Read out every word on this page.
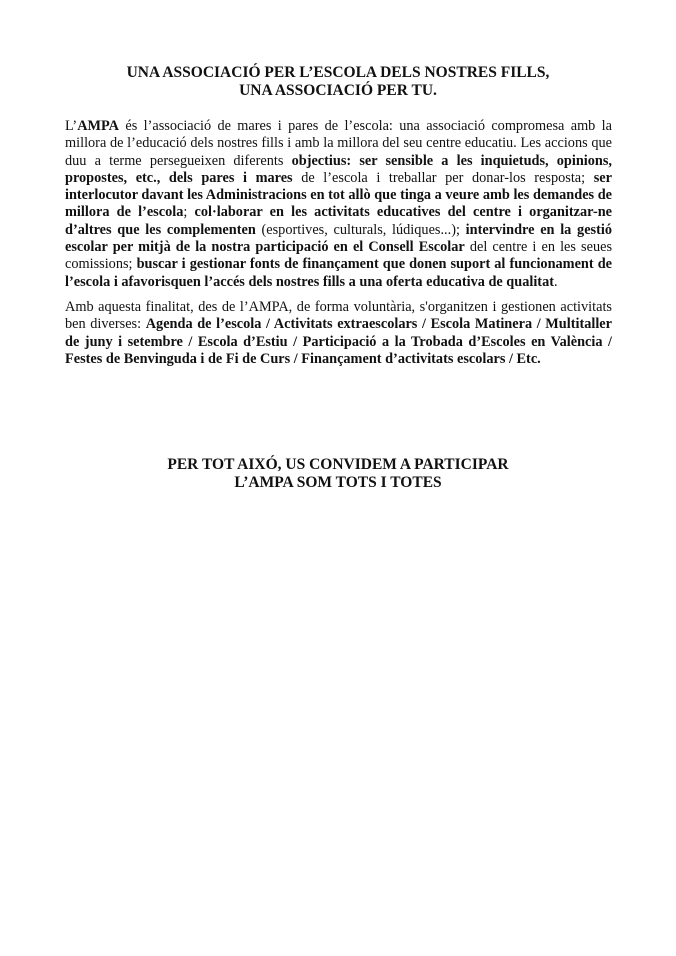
UNA ASSOCIACIÓ PER L’ESCOLA DELS NOSTRES FILLS,
UNA ASSOCIACIÓ PER TU.

L’AMPA és l’associació de mares i pares de l’escola: una associació compromesa amb la millora de l’educació dels nostres fills i amb la millora del seu centre educatiu. Les accions que duu a terme persegueixen diferents objectius: ser sensible a les inquietuds, opinions, propostes, etc., dels pares i mares de l’escola i treballar per donar-los resposta; ser interlocutor davant les Administracions en tot allò que tinga a veure amb les demandes de millora de l’escola; col·laborar en les activitats educatives del centre i organitzar-ne d’altres que les complementen (esportives, culturals, lúdiques...); intervindre en la gestió escolar per mitjà de la nostra participació en el Consell Escolar del centre i en les seues comissions; buscar i gestionar fonts de finançament que donen suport al funcionament de l’escola i afavorisquen l’accés dels nostres fills a una oferta educativa de qualitat.

Amb aquesta finalitat, des de l’AMPA, de forma voluntària, s'organitzen i gestionen activitats ben diverses: Agenda de l’escola / Activitats extraescolars / Escola Matinera / Multitaller de juny i setembre / Escola d’Estiu / Participació a la Trobada d’Escoles en València / Festes de Benvinguda i de Fi de Curs / Finançament d’activitats escolars / Etc.

PER TOT AIXÓ, US CONVIDEM A PARTICIPAR
L’AMPA SOM TOTS I TOTES
